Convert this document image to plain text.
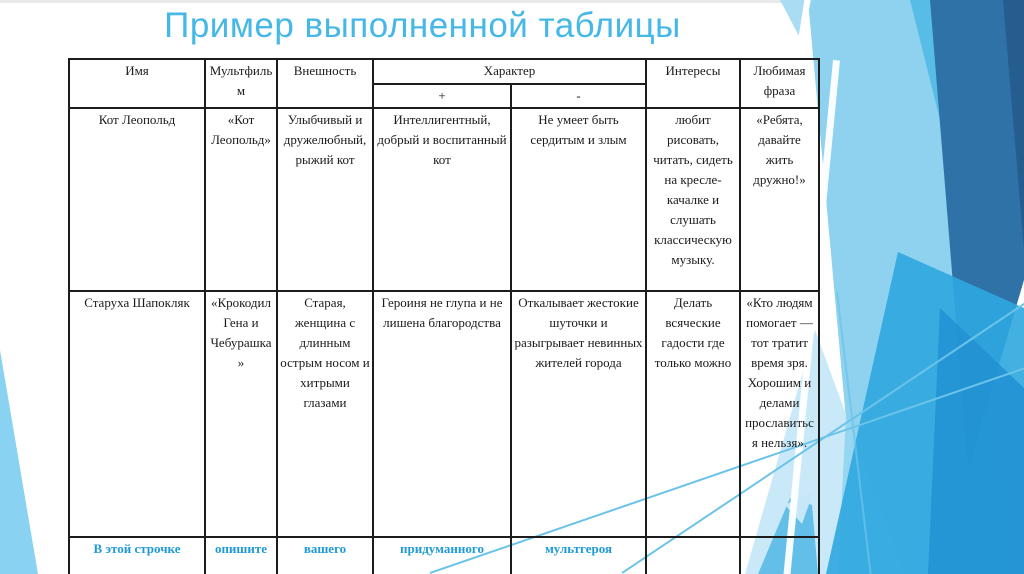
Пример выполненной таблицы
Имя	Мультфильм	Внешность	Характер		Интересы	Любимая фраза
			+	-		
Кот Леопольд	«Кот Леопольд»	Улыбчивый и дружелюбный, рыжий кот	Интеллигентный, добрый и воспитанный кот	Не умеет быть сердитым и злым	любит рисовать, читать, сидеть на кресле-качалке и слушать классическую музыку.	«Ребята, давайте жить дружно!»
Старуха Шапокляк	«Крокодил Гена и Чебурашка»	Старая, женщина с длинным острым носом и хитрыми глазами	Героиня не глупа и не лишена благородства	Откалывает жестокие шуточки и разыгрывает невинных жителей города	Делать всяческие гадости где только можно	«Кто людям помогает — тот тратит время зря. Хорошим и делами прославиться нельзя».
В этой строчке	опишите	вашего	придуманного	мультгероя		
